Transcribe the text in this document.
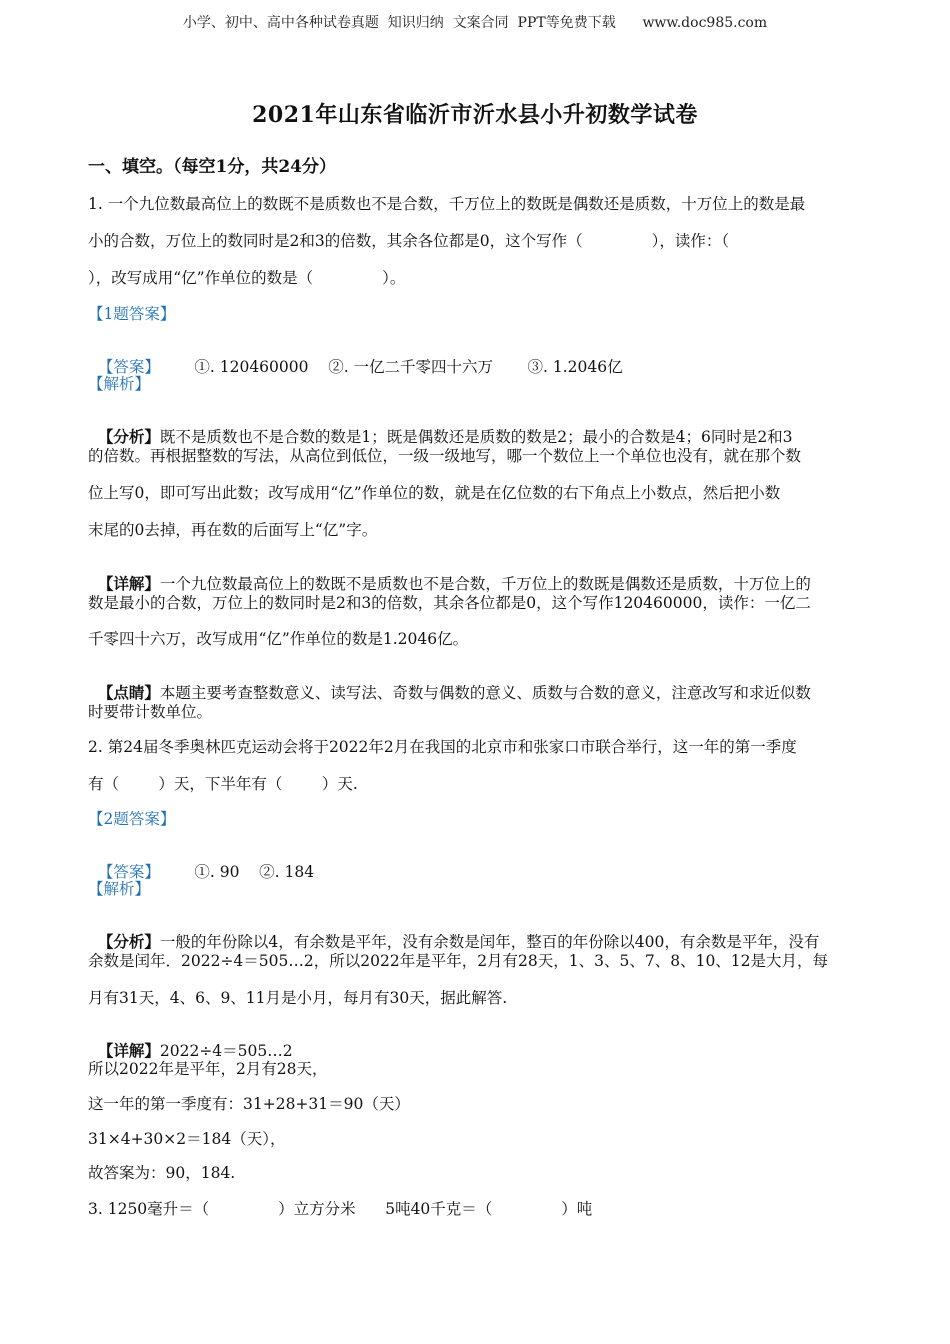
小学、初中、高中各种试卷真题  知识归纳  文案合同  PPT等免费下载      www.doc985.com
2021年山东省临沂市沂水县小升初数学试卷
一、填空。（每空1分，共24分）
1. 一个九位数最高位上的数既不是质数也不是合数，千万位上的数既是偶数还是质数，十万位上的数是最
小的合数，万位上的数同时是2和3的倍数，其余各位都是0，这个写作（              ），读作：（
），改写成用“亿”作单位的数是（              ）。
【1题答案】

【答案】 ①. 120460000    ②. 一亿二千零四十六万       ③. 1.2046亿

【解析】

【分析】既不是质数也不是合数的数是1；既是偶数还是质数的数是2；最小的合数是4；6同时是2和3

的倍数。再根据整数的写法，从高位到低位，一级一级地写，哪一个数位上一个单位也没有，就在那个数
位上写0，即可写出此数；改写成用“亿”作单位的数，就是在亿位数的右下角点上小数点，然后把小数
末尾的0去掉，再在数的后面写上“亿”字。

【详解】一个九位数最高位上的数既不是质数也不是合数，千万位上的数既是偶数还是质数，十万位上的

数是最小的合数，万位上的数同时是2和3的倍数，其余各位都是0，这个写作120460000，读作：一亿二
千零四十六万，改写成用“亿”作单位的数是1.2046亿。

【点睛】本题主要考查整数意义、读写法、奇数与偶数的意义、质数与合数的意义，注意改写和求近似数

时要带计数单位。
2. 第24届冬季奥林匹克运动会将于2022年2月在我国的北京市和张家口市联合举行，这一年的第一季度
有（        ）天，下半年有（        ）天.
【2题答案】

【答案】 ①. 90    ②. 184

【解析】

【分析】一般的年份除以4，有余数是平年，没有余数是闰年，整百的年份除以400，有余数是平年，没有

余数是闰年．2022÷4＝505…2，所以2022年是平年，2月有28天，1、3、5、7、8、10、12是大月，每
月有31天，4、6、9、11月是小月，每月有30天，据此解答.

【详解】2022÷4＝505…2

所以2022年是平年，2月有28天，
这一年的第一季度有：31+28+31＝90（天）
31×4+30×2＝184（天），
故答案为：90，184.
3. 1250毫升＝（              ）立方分米      5吨40千克＝（              ）吨
